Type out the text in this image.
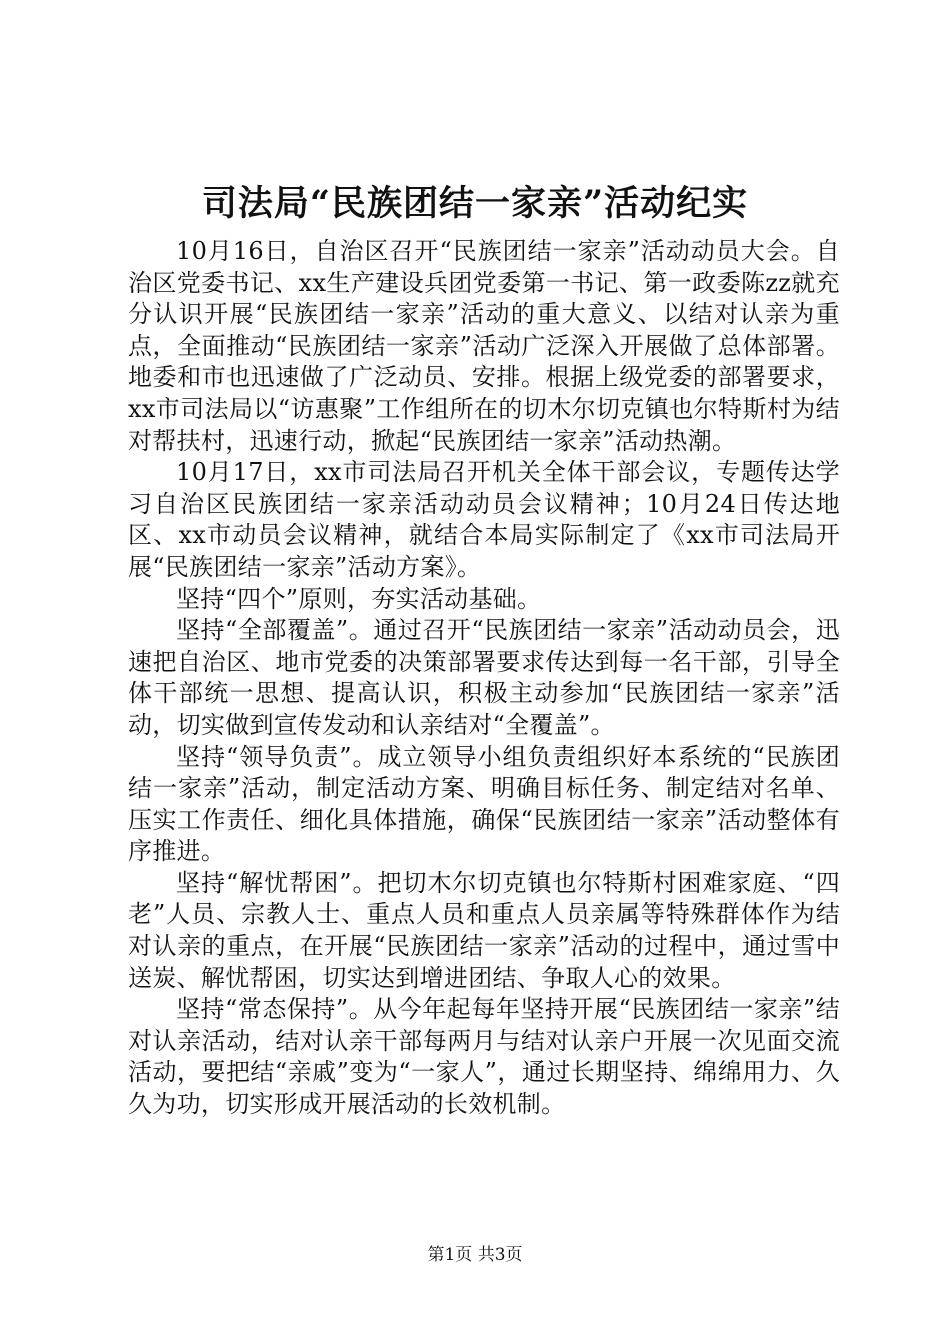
司法局“民族团结一家亲”活动纪实

10月16日，自治区召开“民族团结一家亲”活动动员大会。自治区党委书记、xx生产建设兵团党委第一书记、第一政委陈zz就充分认识开展“民族团结一家亲”活动的重大意义、以结对认亲为重点，全面推动“民族团结一家亲”活动广泛深入开展做了总体部署。地委和市也迅速做了广泛动员、安排。根据上级党委的部署要求，xx市司法局以“访惠聚”工作组所在的切木尔切克镇也尔特斯村为结对帮扶村，迅速行动，掀起“民族团结一家亲”活动热潮。

10月17日，xx市司法局召开机关全体干部会议，专题传达学习自治区民族团结一家亲活动动员会议精神；10月24日传达地区、xx市动员会议精神，就结合本局实际制定了《xx市司法局开展“民族团结一家亲”活动方案》。

坚持“四个”原则，夯实活动基础。

坚持“全部覆盖”。通过召开“民族团结一家亲”活动动员会，迅速把自治区、地市党委的决策部署要求传达到每一名干部，引导全体干部统一思想、提高认识，积极主动参加“民族团结一家亲”活动，切实做到宣传发动和认亲结对“全覆盖”。

坚持“领导负责”。成立领导小组负责组织好本系统的“民族团结一家亲”活动，制定活动方案、明确目标任务、制定结对名单、压实工作责任、细化具体措施，确保“民族团结一家亲”活动整体有序推进。

坚持“解忧帮困”。把切木尔切克镇也尔特斯村困难家庭、“四老”人员、宗教人士、重点人员和重点人员亲属等特殊群体作为结对认亲的重点，在开展“民族团结一家亲”活动的过程中，通过雪中送炭、解忧帮困，切实达到增进团结、争取人心的效果。

坚持“常态保持”。从今年起每年坚持开展“民族团结一家亲”结对认亲活动，结对认亲干部每两月与结对认亲户开展一次见面交流活动，要把结“亲戚”变为“一家人”，通过长期坚持、绵绵用力、久久为功，切实形成开展活动的长效机制。

第1页 共3页
